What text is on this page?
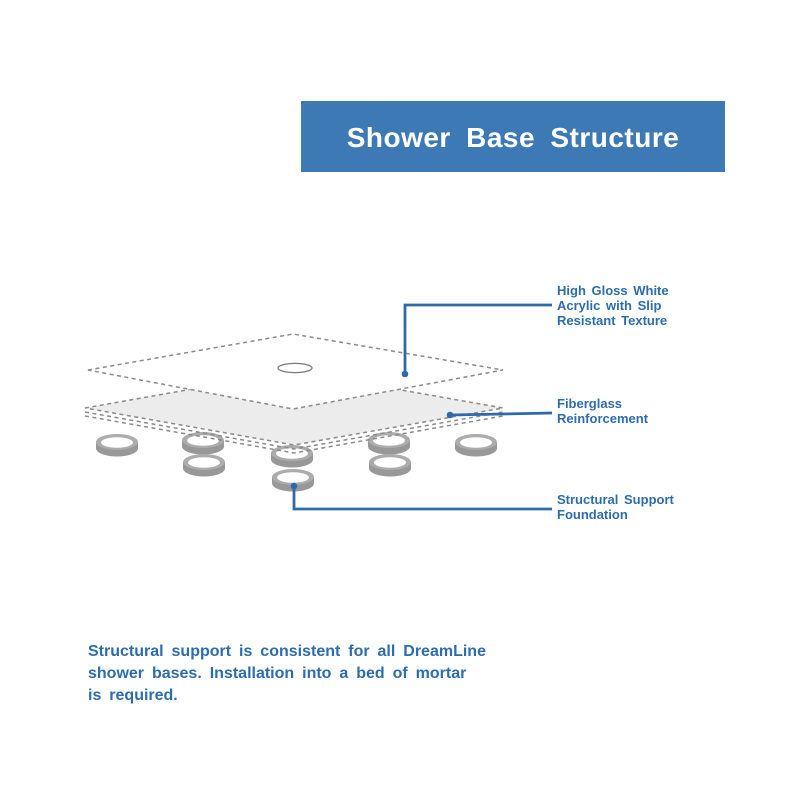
Shower Base Structure
High Gloss White
Acrylic with Slip
Resistant Texture
Fiberglass
Reinforcement
Structural Support
Foundation
Structural support is consistent for all DreamLine
shower bases. Installation into a bed of mortar
is required.
